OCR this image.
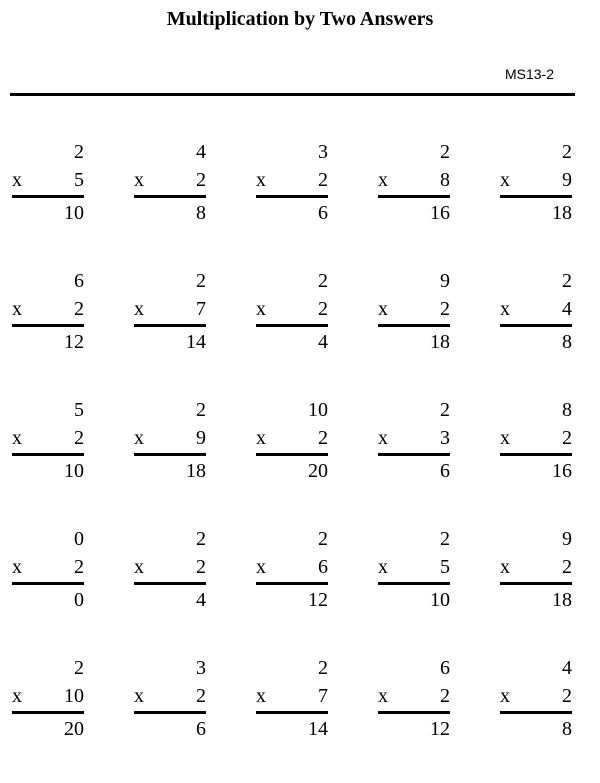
Multiplication by Two Answers
MS13-2
2
x	5
10
4
x	2
8
3
x	2
6
2
x	8
16
2
x	9
18
6
x	2
12
2
x	7
14
2
x	2
4
9
x	2
18
2
x	4
8
5
x	2
10
2
x	9
18
10
x	2
20
2
x	3
6
8
x	2
16
0
x	2
0
2
x	2
4
2
x	6
12
2
x	5
10
9
x	2
18
2
x 10
20
3
x	2
6
2
x	7
14
6
x	2
12
4
x	2
8
